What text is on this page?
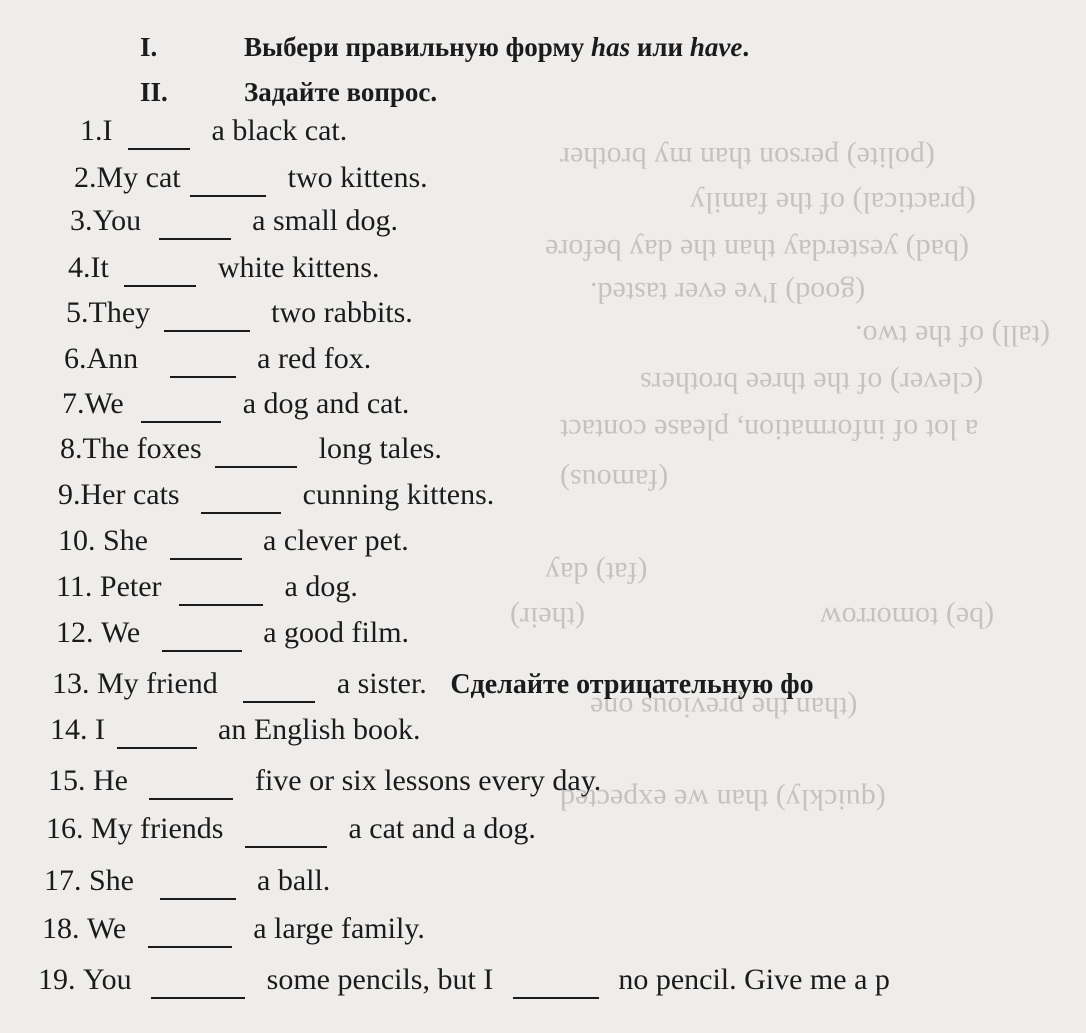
(polite) person than my brother
(practical) of the family
(bad) yesterday than the day before
(good) I've ever tasted.
(tall) of the two.
(clever) of the three brothers
a lot of information, please contact
(famous)
(fat) day
(their)	(be) tomorrow
(than the previous one
(quickly) than we expected
I.	Выбери правильную форму has или have.
II.	Задайте вопрос.
1.I	a black cat.
2.My cat	two kittens.
3.You	a small dog.
4.It	white kittens.
5.They	two rabbits.
6.Ann	a red fox.
7.We	a dog and cat.
8.The foxes	long tales.
9.Her cats	cunning kittens.
10. She	a clever pet.
11. Peter	a dog.
12. We	a good film.
13. My friend	a sister. Сделайте отрицательную фо
14. I	an English book.
15. He	five or six lessons every day.
16. My friends	a cat and a dog.
17. She	a ball.
18. We	a large family.
19. You	some pencils, but I	no pencil. Give me a p
